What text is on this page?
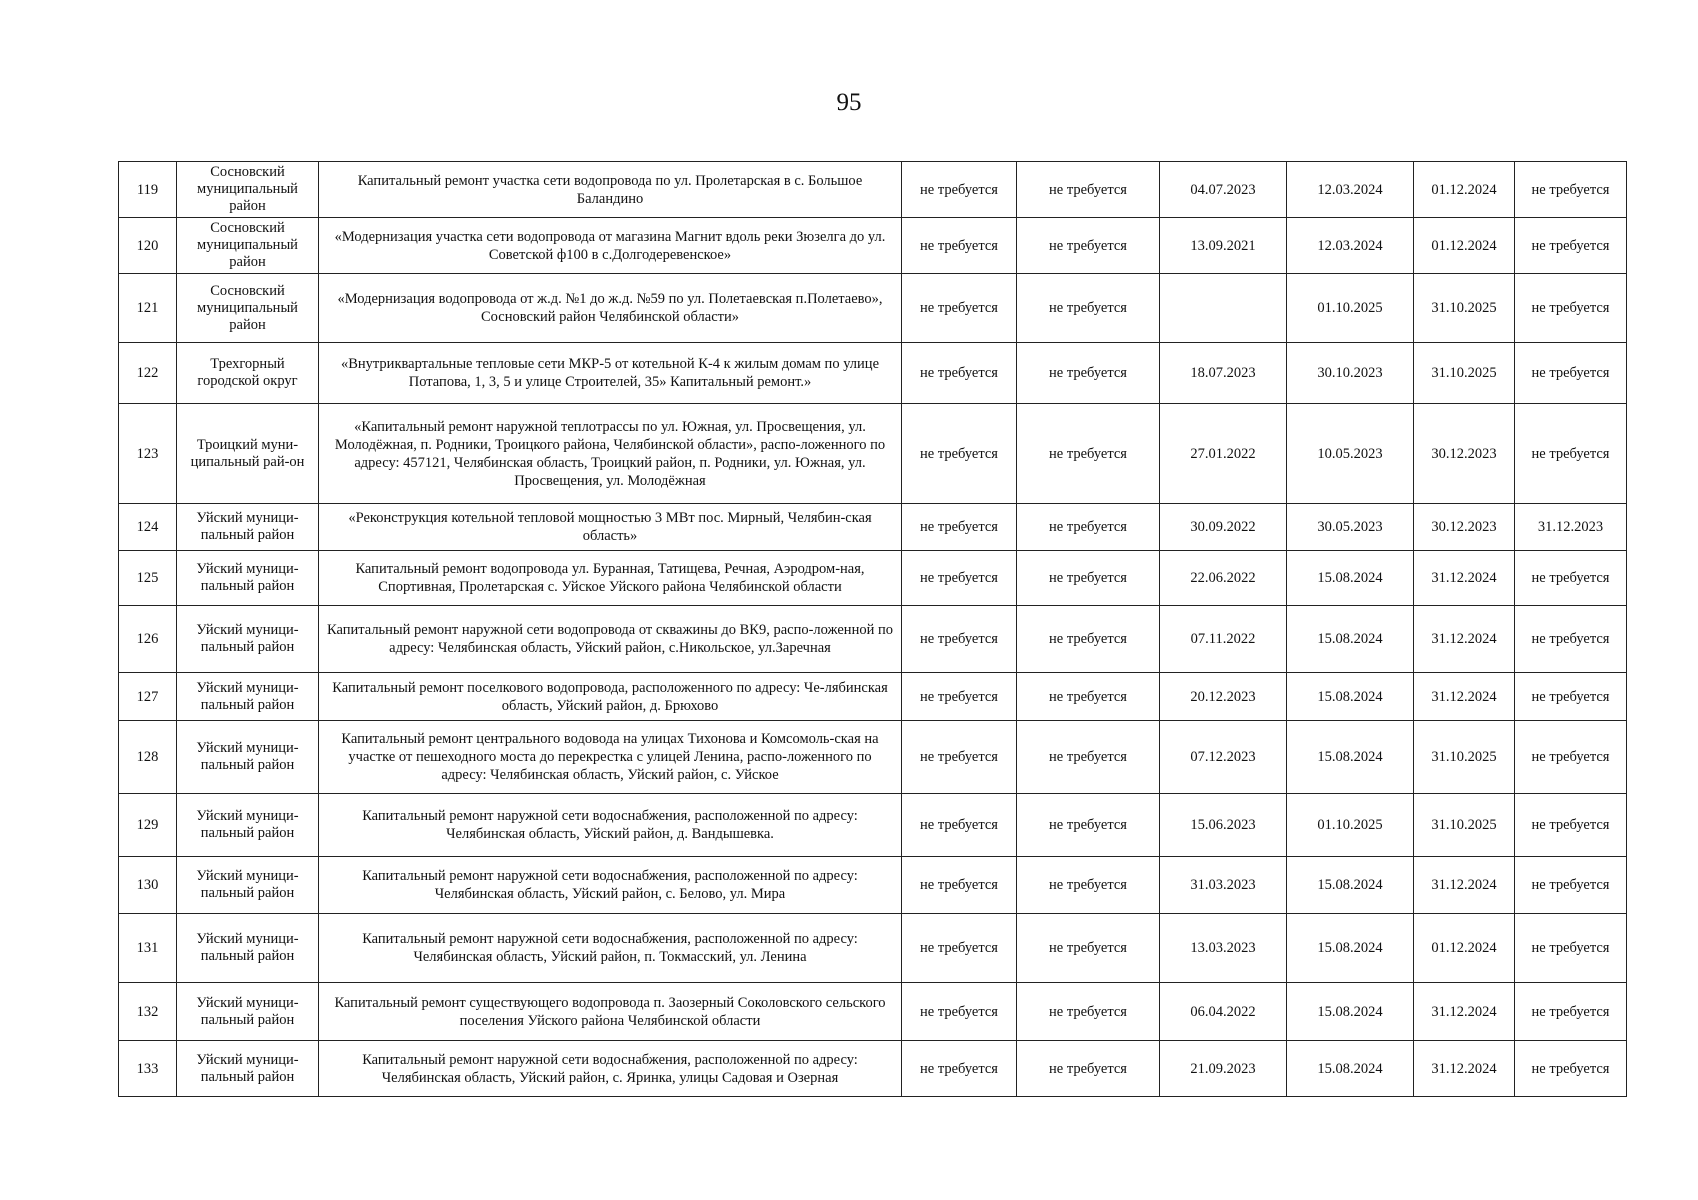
95
119	Сосновский муниципальный район	Капитальный ремонт участка сети водопровода по ул. Пролетарская в с. Большое Баландино	не требуется	не требуется	04.07.2023	12.03.2024	01.12.2024	не требуется
120	Сосновский муниципальный район	«Модернизация участка сети водопровода от магазина Магнит вдоль реки Зюзелга до ул. Советской ф100 в с.Долгодеревенское»	не требуется	не требуется	13.09.2021	12.03.2024	01.12.2024	не требуется
121	Сосновский муниципальный район	«Модернизация водопровода от ж.д. №1 до ж.д. №59 по ул. Полетаевская п.Полетаево», Сосновский район Челябинской области»	не требуется	не требуется		01.10.2025	31.10.2025	не требуется
122	Трехгорный городской округ	«Внутриквартальные тепловые сети МКР-5 от котельной К-4 к жилым домам по улице Потапова, 1, 3, 5 и улице Строителей, 35» Капитальный ремонт.»	не требуется	не требуется	18.07.2023	30.10.2023	31.10.2025	не требуется
123	Троицкий муни-ципальный рай-он	«Капитальный ремонт наружной теплотрассы по ул. Южная, ул. Просвещения, ул. Молодёжная, п. Родники, Троицкого района, Челябинской области», распо-ложенного по адресу: 457121, Челябинская область, Троицкий район, п. Родники, ул. Южная, ул. Просвещения, ул. Молодёжная	не требуется	не требуется	27.01.2022	10.05.2023	30.12.2023	не требуется
124	Уйский муници-пальный район	«Реконструкция котельной тепловой мощностью 3 МВт пос. Мирный, Челябин-ская область»	не требуется	не требуется	30.09.2022	30.05.2023	30.12.2023	31.12.2023
125	Уйский муници-пальный район	Капитальный ремонт водопровода ул. Буранная, Татищева, Речная, Аэродром-ная, Спортивная, Пролетарская с. Уйское Уйского района Челябинской области	не требуется	не требуется	22.06.2022	15.08.2024	31.12.2024	не требуется
126	Уйский муници-пальный район	Капитальный ремонт наружной сети водопровода от скважины до ВК9, распо-ложенной по адресу: Челябинская область, Уйский район, с.Никольское, ул.Заречная	не требуется	не требуется	07.11.2022	15.08.2024	31.12.2024	не требуется
127	Уйский муници-пальный район	Капитальный ремонт поселкового водопровода, расположенного по адресу: Че-лябинская область, Уйский район, д. Брюхово	не требуется	не требуется	20.12.2023	15.08.2024	31.12.2024	не требуется
128	Уйский муници-пальный район	Капитальный ремонт центрального водовода на улицах Тихонова и Комсомоль-ская на участке от пешеходного моста до перекрестка с улицей Ленина, распо-ложенного по адресу: Челябинская область, Уйский район, с. Уйское	не требуется	не требуется	07.12.2023	15.08.2024	31.10.2025	не требуется
129	Уйский муници-пальный район	Капитальный ремонт наружной сети водоснабжения, расположенной по адресу: Челябинская область, Уйский район, д. Вандышевка.	не требуется	не требуется	15.06.2023	01.10.2025	31.10.2025	не требуется
130	Уйский муници-пальный район	Капитальный ремонт наружной сети водоснабжения, расположенной по адресу: Челябинская область, Уйский район, с. Белово, ул. Мира	не требуется	не требуется	31.03.2023	15.08.2024	31.12.2024	не требуется
131	Уйский муници-пальный район	Капитальный ремонт наружной сети водоснабжения, расположенной по адресу: Челябинская область, Уйский район, п. Токмасский, ул. Ленина	не требуется	не требуется	13.03.2023	15.08.2024	01.12.2024	не требуется
132	Уйский муници-пальный район	Капитальный ремонт существующего водопровода п. Заозерный Соколовского сельского поселения Уйского района Челябинской области	не требуется	не требуется	06.04.2022	15.08.2024	31.12.2024	не требуется
133	Уйский муници-пальный район	Капитальный ремонт наружной сети водоснабжения, расположенной по адресу: Челябинская область, Уйский район, с. Яринка, улицы Садовая и Озерная	не требуется	не требуется	21.09.2023	15.08.2024	31.12.2024	не требуется
